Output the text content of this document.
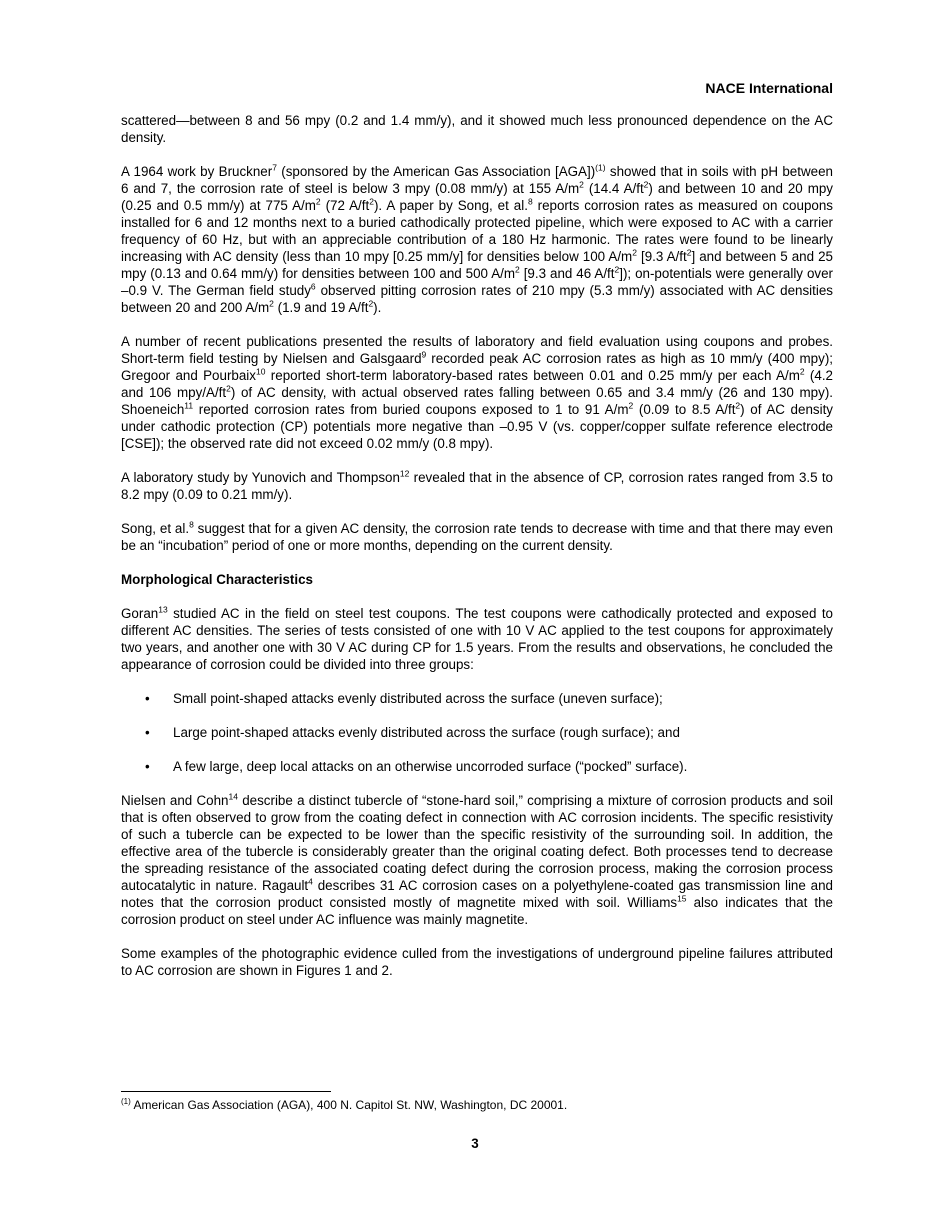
NACE International

scattered—between 8 and 56 mpy (0.2 and 1.4 mm/y), and it showed much less pronounced dependence on the AC density.

A 1964 work by Bruckner$^7$ (sponsored by the American Gas Association [AGA])$^{(1)}$ showed that in soils with pH between 6 and 7, the corrosion rate of steel is below 3 mpy (0.08 mm/y) at 155 $A/m^2$ (14.4 $A/ft^2$) and between 10 and 20 mpy (0.25 and 0.5 mm/y) at 775 $A/m^2$ (72 $A/ft^2$). A paper by Song, et al.$^8$ reports corrosion rates as measured on coupons installed for 6 and 12 months next to a buried cathodically protected pipeline, which were exposed to AC with a carrier frequency of 60 Hz, but with an appreciable contribution of a 180 Hz harmonic. The rates were found to be linearly increasing with AC density (less than 10 mpy [0.25 mm/y] for densities below 100 $A/m^2$ [9.3 $A/ft^2$] and between 5 and 25 mpy (0.13 and 0.64 mm/y) for densities between 100 and 500 $A/m^2$ [9.3 and 46 $A/ft^2$]); on-potentials were generally over –0.9 V. The German field study$^6$ observed pitting corrosion rates of 210 mpy (5.3 mm/y) associated with AC densities between 20 and 200 $A/m^2$ (1.9 and 19 $A/ft^2$).

A number of recent publications presented the results of laboratory and field evaluation using coupons and probes. Short-term field testing by Nielsen and Galsgaard$^9$ recorded peak AC corrosion rates as high as 10 mm/y (400 mpy); Gregoor and Pourbaix$^{10}$ reported short-term laboratory-based rates between 0.01 and 0.25 mm/y per each $A/m^2$ (4.2 and 106 mpy/$A/ft^2$) of AC density, with actual observed rates falling between 0.65 and 3.4 mm/y (26 and 130 mpy). Shoeneich$^{11}$ reported corrosion rates from buried coupons exposed to 1 to 91 $A/m^2$ (0.09 to 8.5 $A/ft^2$) of AC density under cathodic protection (CP) potentials more negative than –0.95 V (vs. copper/copper sulfate reference electrode [CSE]); the observed rate did not exceed 0.02 mm/y (0.8 mpy).

A laboratory study by Yunovich and Thompson$^{12}$ revealed that in the absence of CP, corrosion rates ranged from 3.5 to 8.2 mpy (0.09 to 0.21 mm/y).

Song, et al.$^8$ suggest that for a given AC density, the corrosion rate tends to decrease with time and that there may even be an “incubation” period of one or more months, depending on the current density.

Morphological Characteristics

Goran$^{13}$ studied AC in the field on steel test coupons. The test coupons were cathodically protected and exposed to different AC densities. The series of tests consisted of one with 10 V AC applied to the test coupons for approximately two years, and another one with 30 V AC during CP for 1.5 years. From the results and observations, he concluded the appearance of corrosion could be divided into three groups:

• Small point-shaped attacks evenly distributed across the surface (uneven surface);
• Large point-shaped attacks evenly distributed across the surface (rough surface); and
• A few large, deep local attacks on an otherwise uncorroded surface (“pocked” surface).

Nielsen and Cohn$^{14}$ describe a distinct tubercle of “stone-hard soil,” comprising a mixture of corrosion products and soil that is often observed to grow from the coating defect in connection with AC corrosion incidents. The specific resistivity of such a tubercle can be expected to be lower than the specific resistivity of the surrounding soil. In addition, the effective area of the tubercle is considerably greater than the original coating defect. Both processes tend to decrease the spreading resistance of the associated coating defect during the corrosion process, making the corrosion process autocatalytic in nature. Ragault$^4$ describes 31 AC corrosion cases on a polyethylene-coated gas transmission line and notes that the corrosion product consisted mostly of magnetite mixed with soil. Williams$^{15}$ also indicates that the corrosion product on steel under AC influence was mainly magnetite.

Some examples of the photographic evidence culled from the investigations of underground pipeline failures attributed to AC corrosion are shown in Figures 1 and 2.

$^{(1)}$ American Gas Association (AGA), 400 N. Capitol St. NW, Washington, DC 20001.
3
